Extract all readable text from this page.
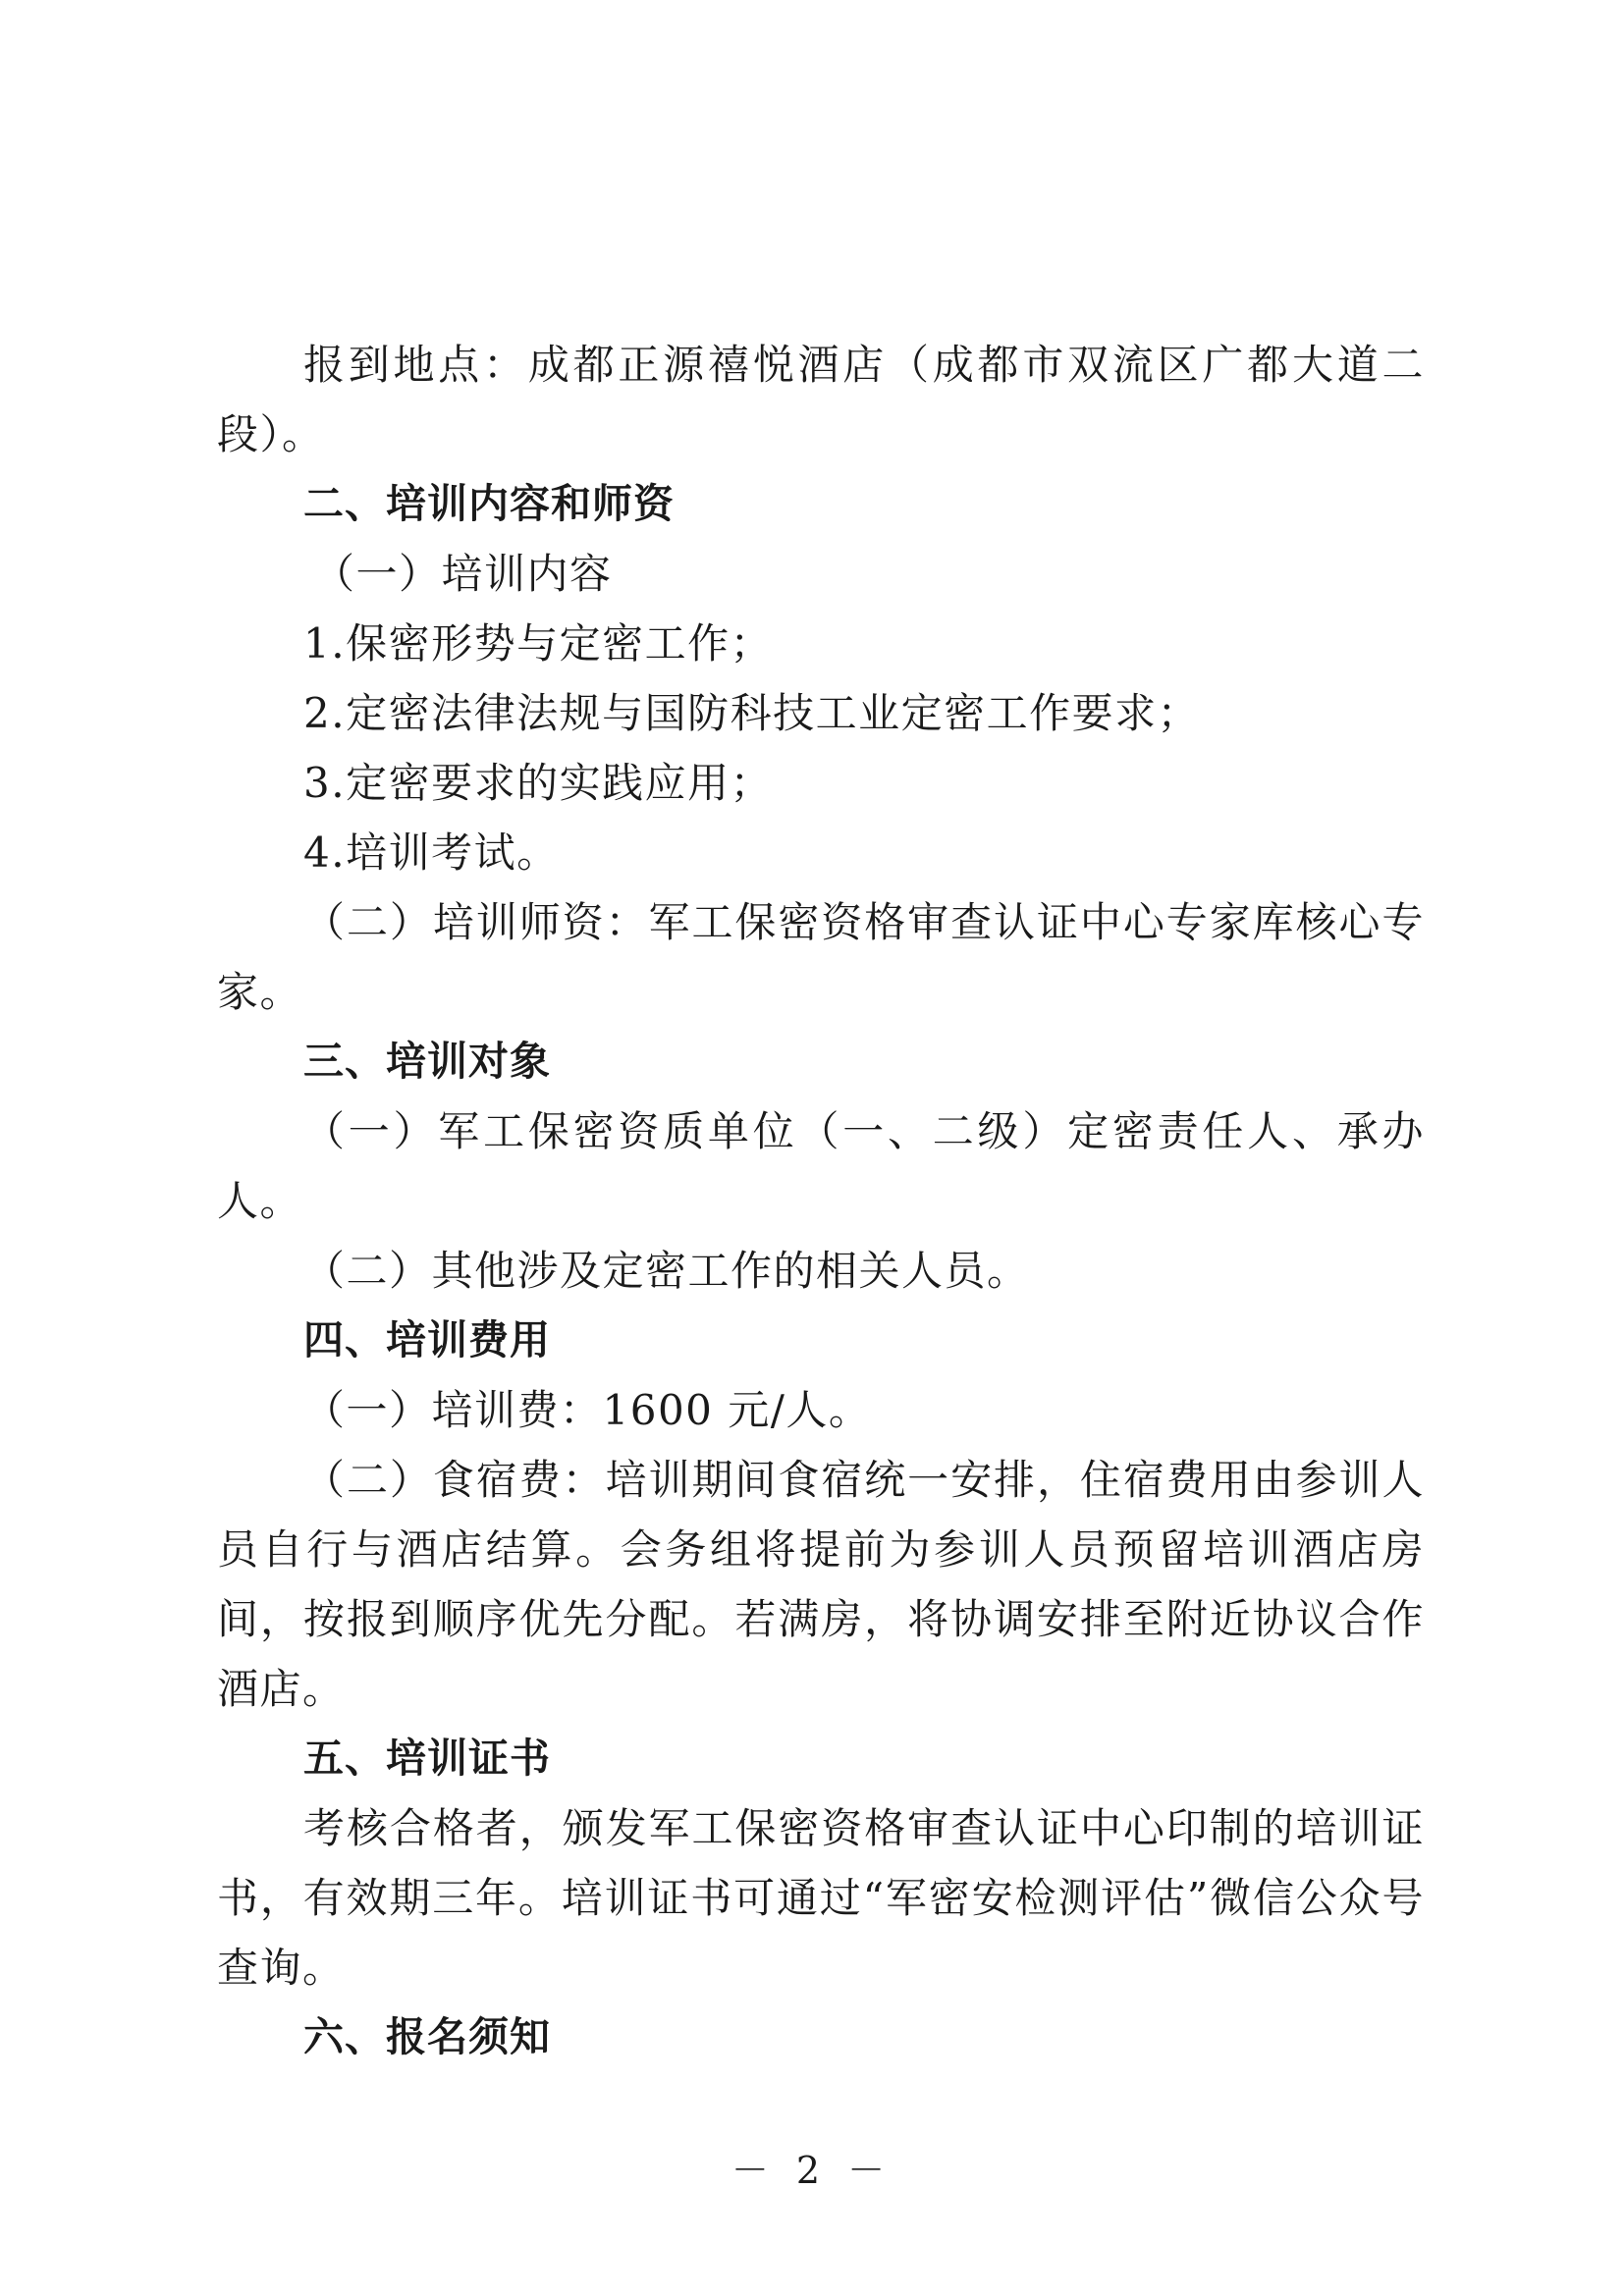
报到地点：成都正源禧悦酒店（成都市双流区广都大道二段）。

二、培训内容和师资

（一）培训内容

1.保密形势与定密工作；

2.定密法律法规与国防科技工业定密工作要求；

3.定密要求的实践应用；

4.培训考试。

（二）培训师资：军工保密资格审查认证中心专家库核心专家。

三、培训对象

（一）军工保密资质单位（一、二级）定密责任人、承办人。

（二）其他涉及定密工作的相关人员。

四、培训费用

（一）培训费：1600 元/人。

（二）食宿费：培训期间食宿统一安排，住宿费用由参训人员自行与酒店结算。会务组将提前为参训人员预留培训酒店房间，按报到顺序优先分配。若满房，将协调安排至附近协议合作酒店。

五、培训证书

考核合格者，颁发军工保密资格审查认证中心印制的培训证书，有效期三年。培训证书可通过“军密安检测评估”微信公众号查询。

六、报名须知

－ 2 －
